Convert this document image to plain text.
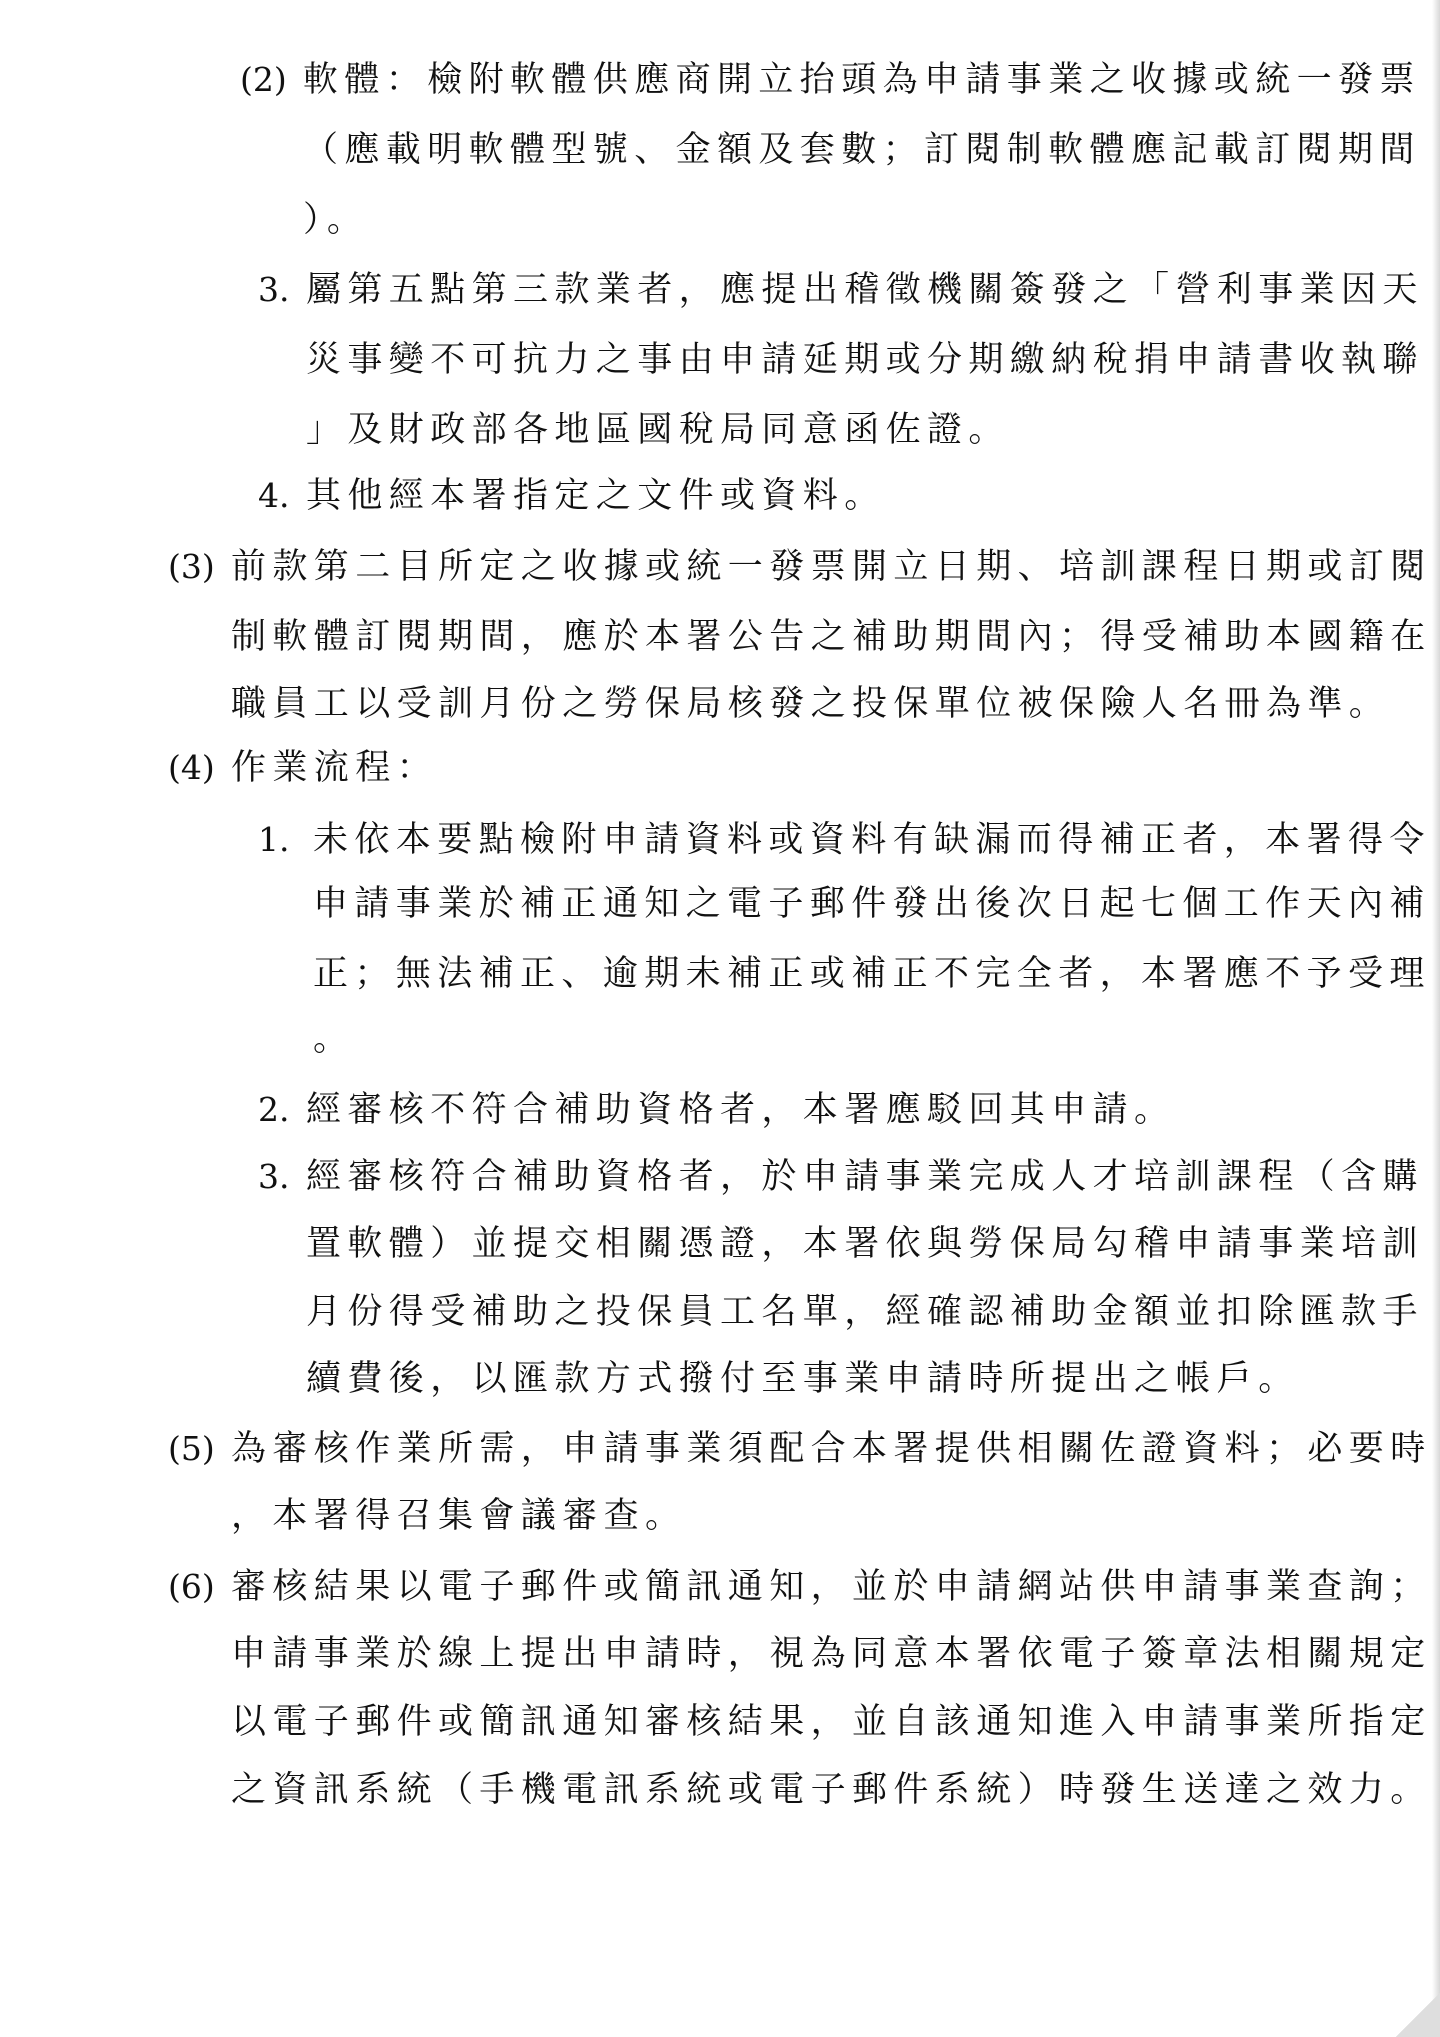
(2) 軟體：檢附軟體供應商開立抬頭為申請事業之收據或統一發票
（應載明軟體型號、金額及套數；訂閱制軟體應記載訂閱期間
）。
3. 屬第五點第三款業者，應提出稽徵機關簽發之「營利事業因天
災事變不可抗力之事由申請延期或分期繳納稅捐申請書收執聯
」及財政部各地區國稅局同意函佐證。
4. 其他經本署指定之文件或資料。
(3) 前款第二目所定之收據或統一發票開立日期、培訓課程日期或訂閱
制軟體訂閱期間，應於本署公告之補助期間內；得受補助本國籍在
職員工以受訓月份之勞保局核發之投保單位被保險人名冊為準。
(4) 作業流程：
1. 未依本要點檢附申請資料或資料有缺漏而得補正者，本署得令
申請事業於補正通知之電子郵件發出後次日起七個工作天內補
正；無法補正、逾期未補正或補正不完全者，本署應不予受理
。
2. 經審核不符合補助資格者，本署應駁回其申請。
3. 經審核符合補助資格者，於申請事業完成人才培訓課程（含購
置軟體）並提交相關憑證，本署依與勞保局勾稽申請事業培訓
月份得受補助之投保員工名單，經確認補助金額並扣除匯款手
續費後，以匯款方式撥付至事業申請時所提出之帳戶。
(5) 為審核作業所需，申請事業須配合本署提供相關佐證資料；必要時
，本署得召集會議審查。
(6) 審核結果以電子郵件或簡訊通知，並於申請網站供申請事業查詢；
申請事業於線上提出申請時，視為同意本署依電子簽章法相關規定
以電子郵件或簡訊通知審核結果，並自該通知進入申請事業所指定
之資訊系統（手機電訊系統或電子郵件系統）時發生送達之效力。
